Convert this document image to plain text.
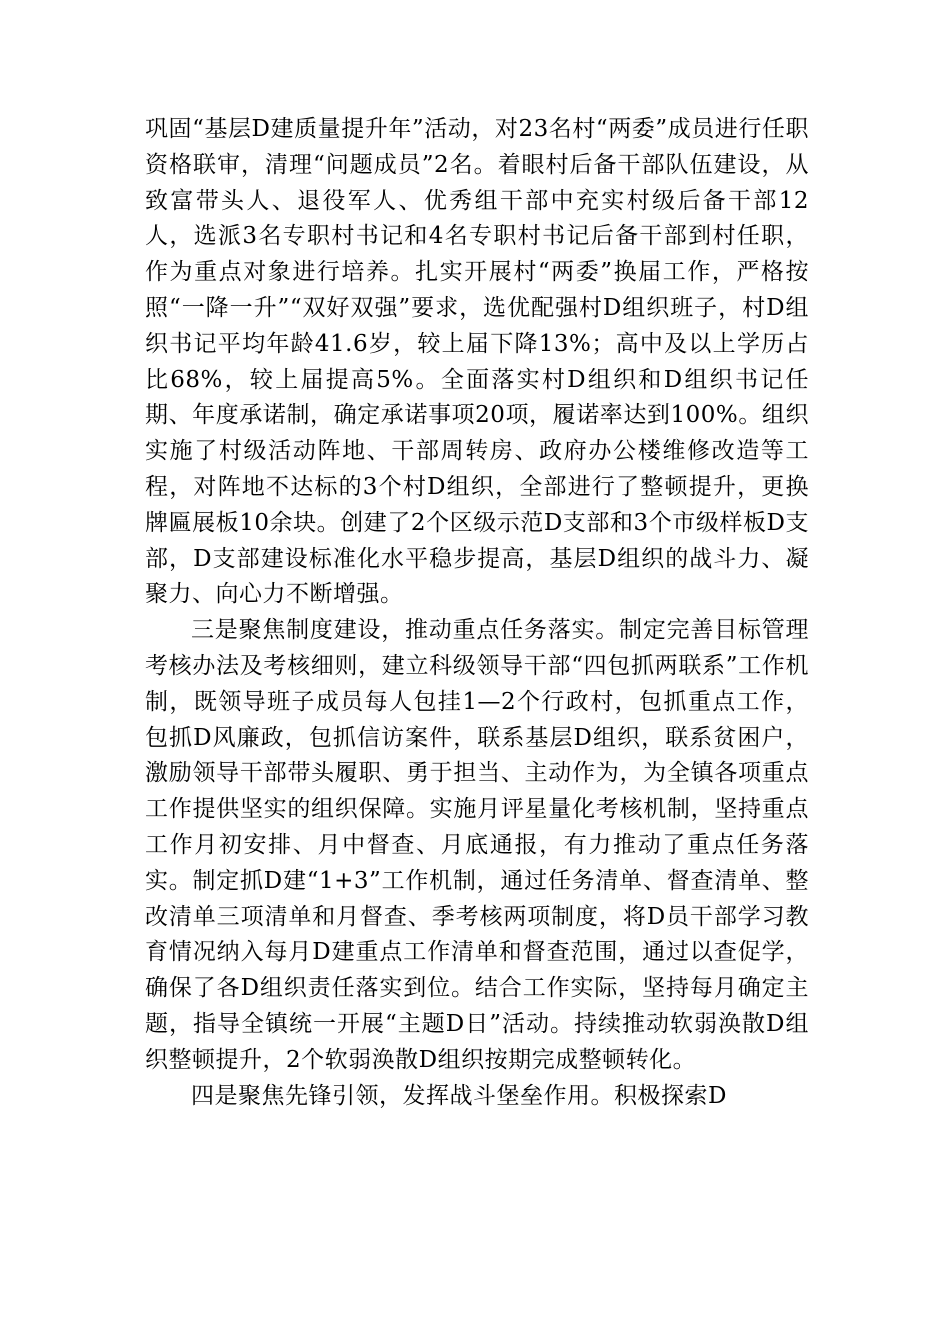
巩固“基层D建质量提升年”活动，对23名村“两委”成员进行任职资格联审，清理“问题成员”2名。着眼村后备干部队伍建设，从致富带头人、退役军人、优秀组干部中充实村级后备干部12人，选派3名专职村书记和4名专职村书记后备干部到村任职，作为重点对象进行培养。扎实开展村“两委”换届工作，严格按照“一降一升”“双好双强”要求，选优配强村D组织班子，村D组织书记平均年龄41.6岁，较上届下降13%；高中及以上学历占比68%，较上届提高5%。全面落实村D组织和D组织书记任期、年度承诺制，确定承诺事项20项，履诺率达到100%。组织实施了村级活动阵地、干部周转房、政府办公楼维修改造等工程，对阵地不达标的3个村D组织，全部进行了整顿提升，更换牌匾展板10余块。创建了2个区级示范D支部和3个市级样板D支部，D支部建设标准化水平稳步提高，基层D组织的战斗力、凝聚力、向心力不断增强。

三是聚焦制度建设，推动重点任务落实。制定完善目标管理考核办法及考核细则，建立科级领导干部“四包抓两联系”工作机制，既领导班子成员每人包挂1—2个行政村，包抓重点工作，包抓D风廉政，包抓信访案件，联系基层D组织，联系贫困户，激励领导干部带头履职、勇于担当、主动作为，为全镇各项重点工作提供坚实的组织保障。实施月评星量化考核机制，坚持重点工作月初安排、月中督查、月底通报，有力推动了重点任务落实。制定抓D建“1+3”工作机制，通过任务清单、督查清单、整改清单三项清单和月督查、季考核两项制度，将D员干部学习教育情况纳入每月D建重点工作清单和督查范围，通过以查促学，确保了各D组织责任落实到位。结合工作实际，坚持每月确定主题，指导全镇统一开展“主题D日”活动。持续推动软弱涣散D组织整顿提升，2个软弱涣散D组织按期完成整顿转化。

四是聚焦先锋引领，发挥战斗堡垒作用。积极探索D
